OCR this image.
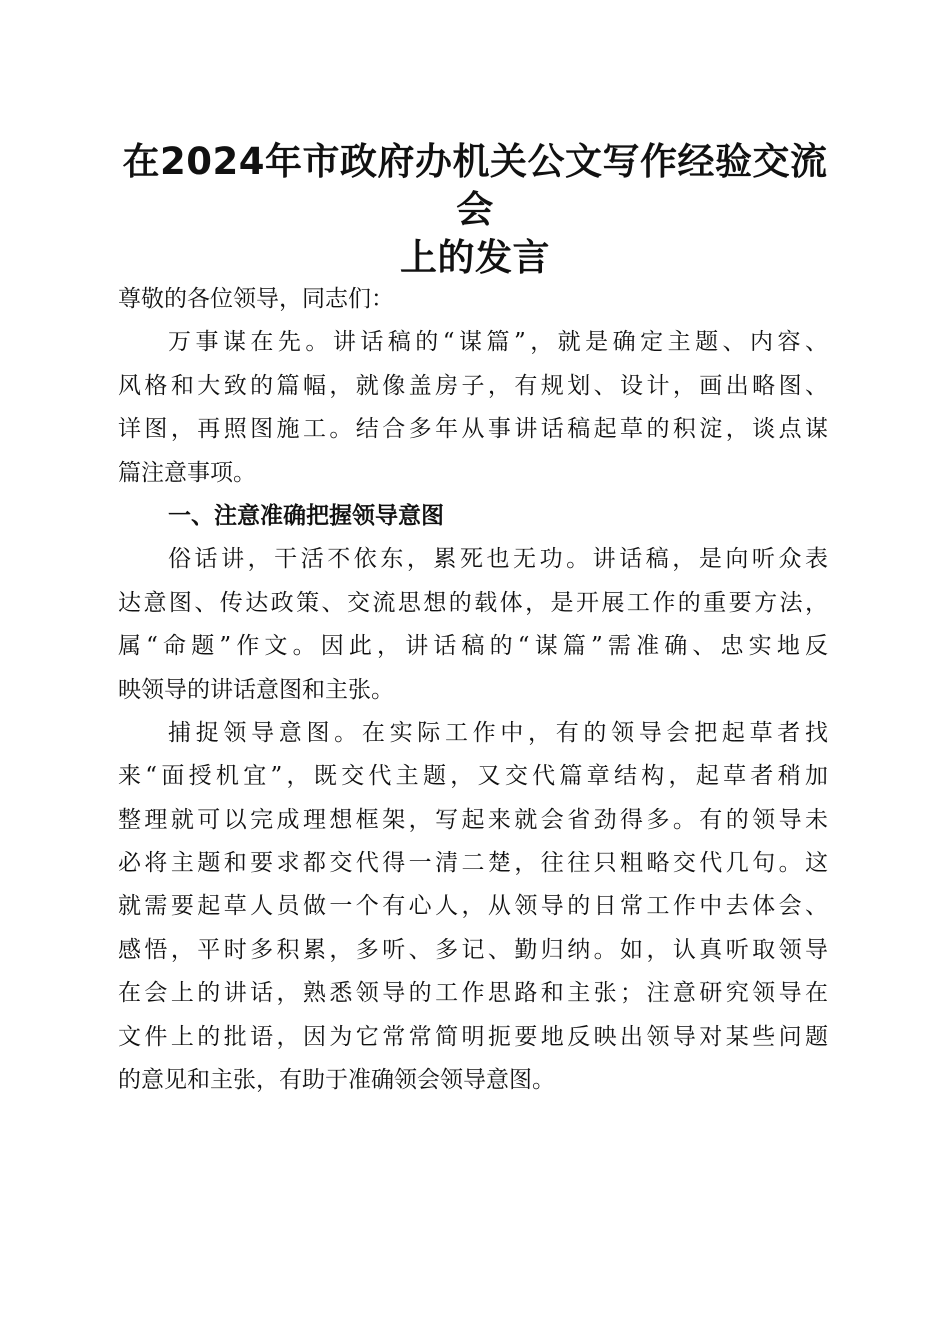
在2024年市政府办机关公文写作经验交流会
上的发言
尊敬的各位领导，同志们：
万事谋在先。讲话稿的“谋篇”，就是确定主题、内容、
风格和大致的篇幅，就像盖房子，有规划、设计，画出略图、
详图，再照图施工。结合多年从事讲话稿起草的积淀，谈点谋
篇注意事项。
一、注意准确把握领导意图
俗话讲，干活不依东，累死也无功。讲话稿，是向听众表
达意图、传达政策、交流思想的载体，是开展工作的重要方法，
属“命题”作文。因此，讲话稿的“谋篇”需准确、忠实地反
映领导的讲话意图和主张。
捕捉领导意图。在实际工作中，有的领导会把起草者找
来“面授机宜”，既交代主题，又交代篇章结构，起草者稍加
整理就可以完成理想框架，写起来就会省劲得多。有的领导未
必将主题和要求都交代得一清二楚，往往只粗略交代几句。这
就需要起草人员做一个有心人，从领导的日常工作中去体会、
感悟，平时多积累，多听、多记、勤归纳。如，认真听取领导
在会上的讲话，熟悉领导的工作思路和主张；注意研究领导在
文件上的批语，因为它常常简明扼要地反映出领导对某些问题
的意见和主张，有助于准确领会领导意图。
